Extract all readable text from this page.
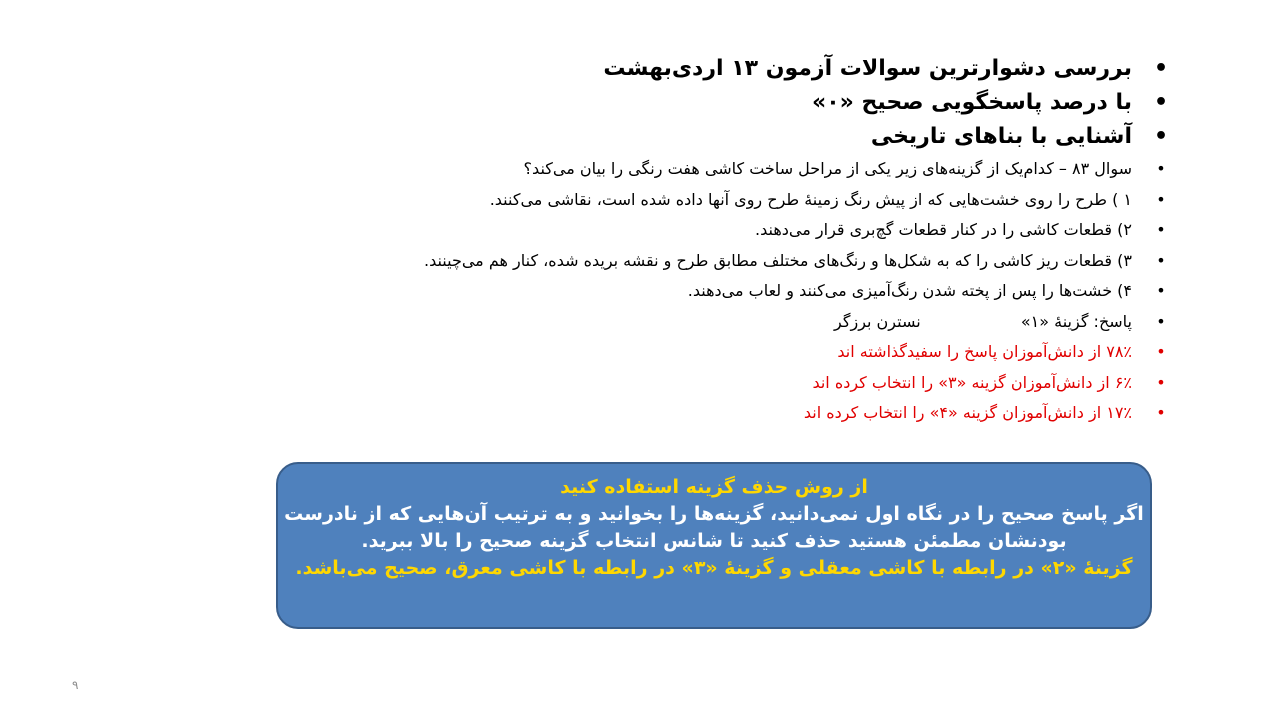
•
بررسی دشوارترین سوالات آزمون ۱۳ اردی‌بهشت
•
با درصد پاسخگویی صحیح «۰»
•
آشنایی با بناهای تاریخی
•
سوال ۸۳ – کدام‌یک از گزینه‌های زیر یکی از مراحل ساخت کاشی هفت رنگی را بیان می‌کند؟
•
۱ ) طرح را روی خشت‌هایی که از پیش رنگ زمینهٔ طرح روی آنها داده شده است، نقاشی می‌کنند.
•
۲) قطعات کاشی را در کنار قطعات گچ‌بری قرار می‌دهند.
•
۳) قطعات ریز کاشی را که به شکل‌ها و رنگ‌های مختلف مطابق طرح و نقشه بریده شده، کنار هم می‌چینند.
•
۴) خشت‌ها را پس از پخته شدن رنگ‌آمیزی می‌کنند و لعاب می‌دهند.
•
پاسخ: گزینهٔ «۱»  نسترن برزگر
•
۷۸٪ از دانش‌آموزان پاسخ را سفیدگذاشته اند
•
۶٪ از دانش‌آموزان گزینه «۳» را انتخاب کرده اند
•
۱۷٪ از دانش‌آموزان گزینه «۴» را انتخاب کرده اند
از روش حذف گزینه استفاده کنید
اگر پاسخ صحیح را در نگاه اول نمی‌دانید، گزینه‌ها را بخوانید و به ترتیب آن‌هایی که از نادرست
بودنشان مطمئن هستید حذف کنید تا شانس انتخاب گزینه صحیح را بالا ببرید.
گزینهٔ «۲» در رابطه با کاشی معقلی و گزینهٔ «۳» در رابطه با کاشی معرق، صحیح می‌باشد.
۹
